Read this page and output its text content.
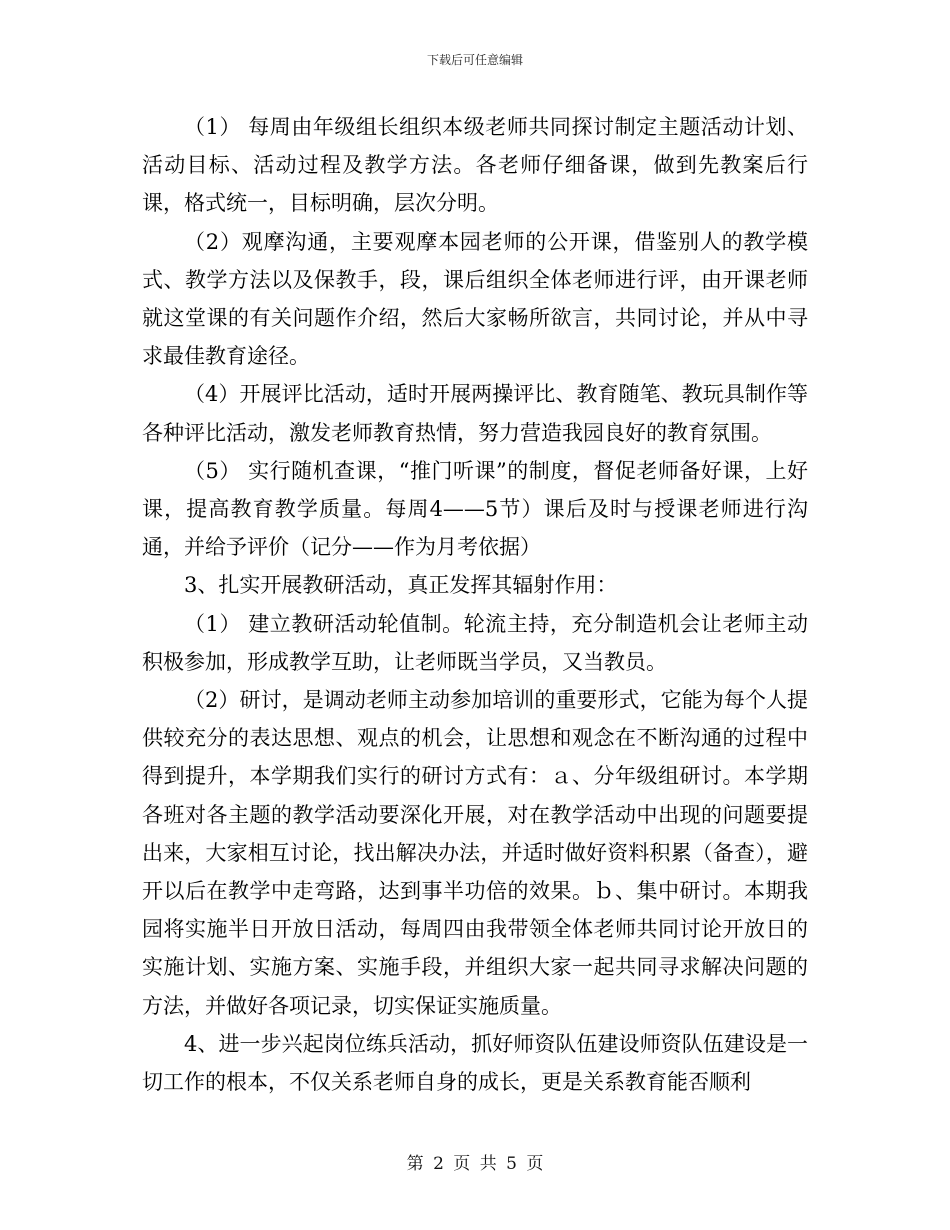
下载后可任意编辑

（1） 每周由年级组长组织本级老师共同探讨制定主题活动计划、活动目标、活动过程及教学方法。各老师仔细备课，做到先教案后行课，格式统一，目标明确，层次分明。

（2）观摩沟通，主要观摩本园老师的公开课，借鉴别人的教学模式、教学方法以及保教手，段，课后组织全体老师进行评，由开课老师就这堂课的有关问题作介绍，然后大家畅所欲言，共同讨论，并从中寻求最佳教育途径。

（4）开展评比活动，适时开展两操评比、教育随笔、教玩具制作等各种评比活动，激发老师教育热情，努力营造我园良好的教育氛围。

（5） 实行随机查课，“推门听课”的制度，督促老师备好课，上好课，提高教育教学质量。每周4——5节）课后及时与授课老师进行沟通，并给予评价（记分——作为月考依据）

3、扎实开展教研活动，真正发挥其辐射作用：

（1） 建立教研活动轮值制。轮流主持，充分制造机会让老师主动积极参加，形成教学互助，让老师既当学员，又当教员。

（2）研讨，是调动老师主动参加培训的重要形式，它能为每个人提供较充分的表达思想、观点的机会，让思想和观念在不断沟通的过程中得到提升，本学期我们实行的研讨方式有：ａ、分年级组研讨。本学期各班对各主题的教学活动要深化开展，对在教学活动中出现的问题要提出来，大家相互讨论，找出解决办法，并适时做好资料积累（备查），避开以后在教学中走弯路，达到事半功倍的效果。ｂ、集中研讨。本期我园将实施半日开放日活动，每周四由我带领全体老师共同讨论开放日的实施计划、实施方案、实施手段，并组织大家一起共同寻求解决问题的方法，并做好各项记录，切实保证实施质量。

4、进一步兴起岗位练兵活动，抓好师资队伍建设师资队伍建设是一切工作的根本，不仅关系老师自身的成长，更是关系教育能否顺利

第 2 页 共 5 页
